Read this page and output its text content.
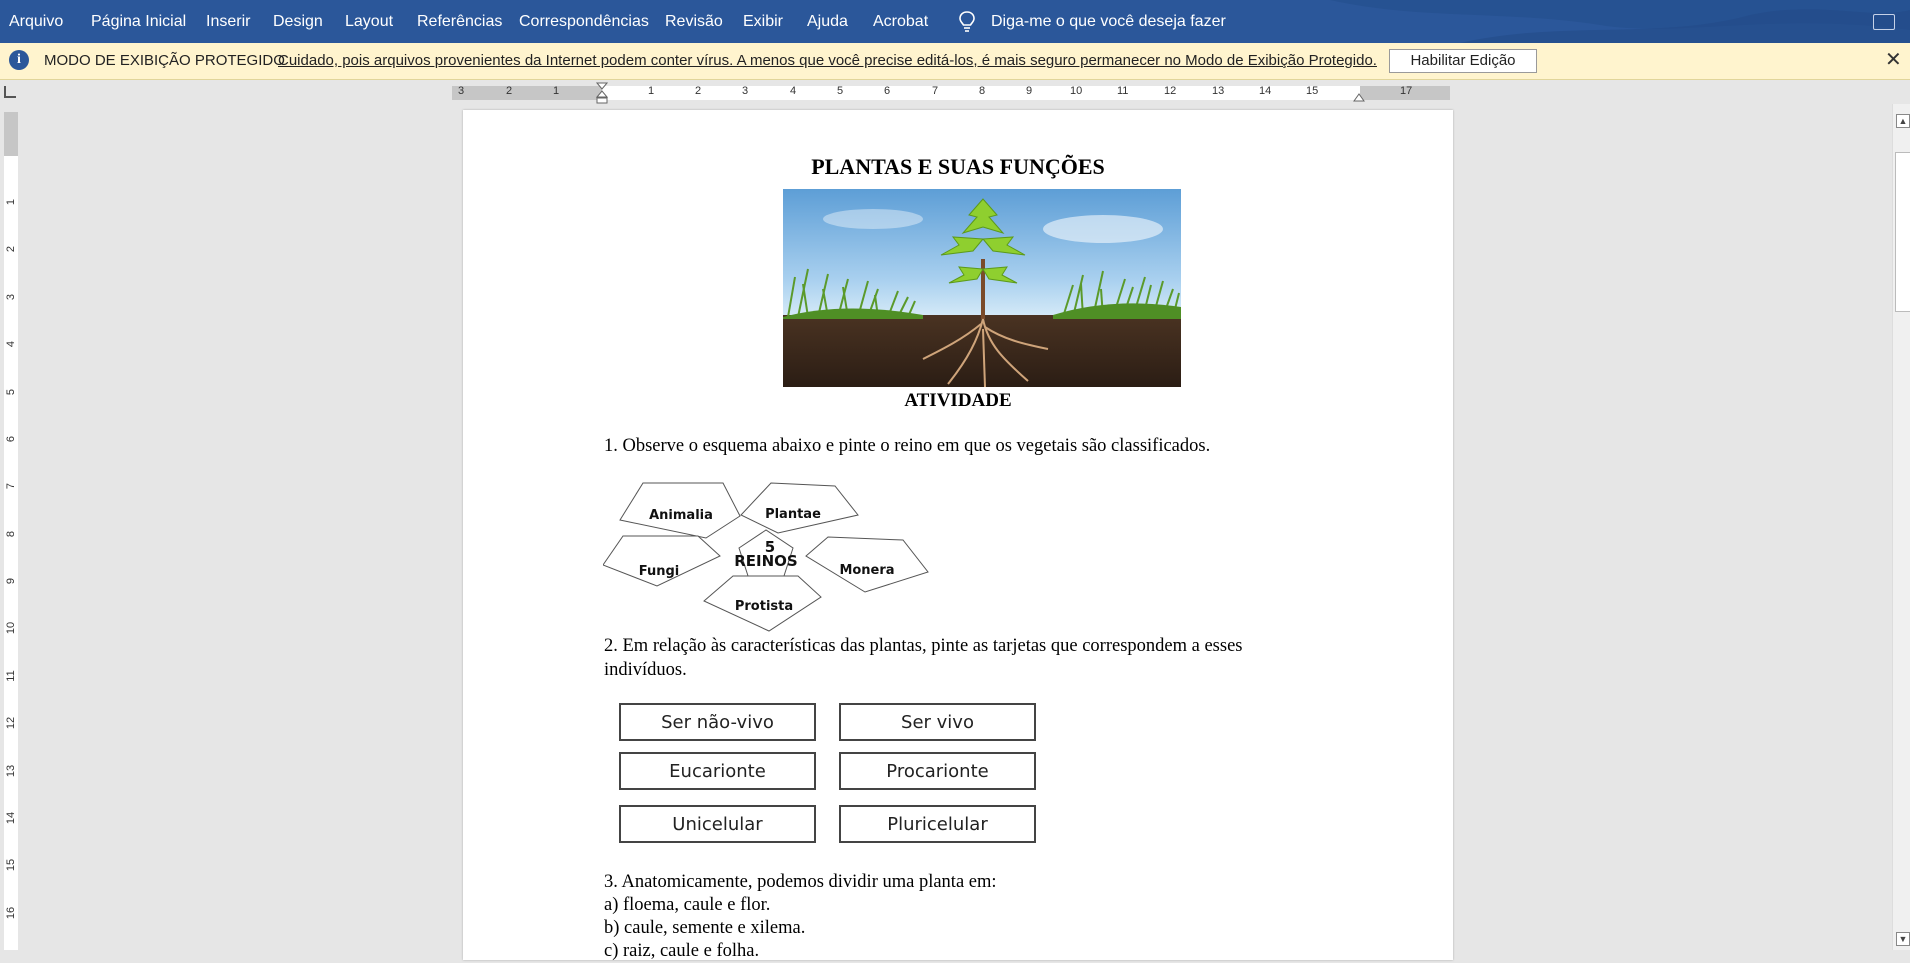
Arquivo Página Inicial Inserir Design Layout Referências Correspondências Revisão Exibir Ajuda Acrobat	Diga-me o que você deseja fazer
i	MODO DE EXIBIÇÃO PROTEGIDO
Cuidado, pois arquivos provenientes da Internet podem conter vírus. A menos que você precise editá-los, é mais seguro permanecer no Modo de Exibição Protegido.	Habilitar Edição	✕
3	2	1	1	2	3	4	5	6	7	8	9	10	11	12	13	14	15	17
1
2
3
4
5
6
7
8
9
10
11
12
13
14
15
16
▲
▼
PLANTAS E SUAS FUNÇÕES
ATIVIDADE
1. Observe o esquema abaixo e pinte o reino em que os vegetais são classificados.
5
REINOS
Animalia	Plantae
Fungi	Monera
Protista
2. Em relação às características das plantas, pinte as tarjetas que correspondem a esses
indivíduos.
Ser não-vivo	Ser vivo
Eucarionte	Procarionte
Unicelular	Pluricelular
3. Anatomicamente, podemos dividir uma planta em:
a) floema, caule e flor.
b) caule, semente e xilema.
c) raiz, caule e folha.
